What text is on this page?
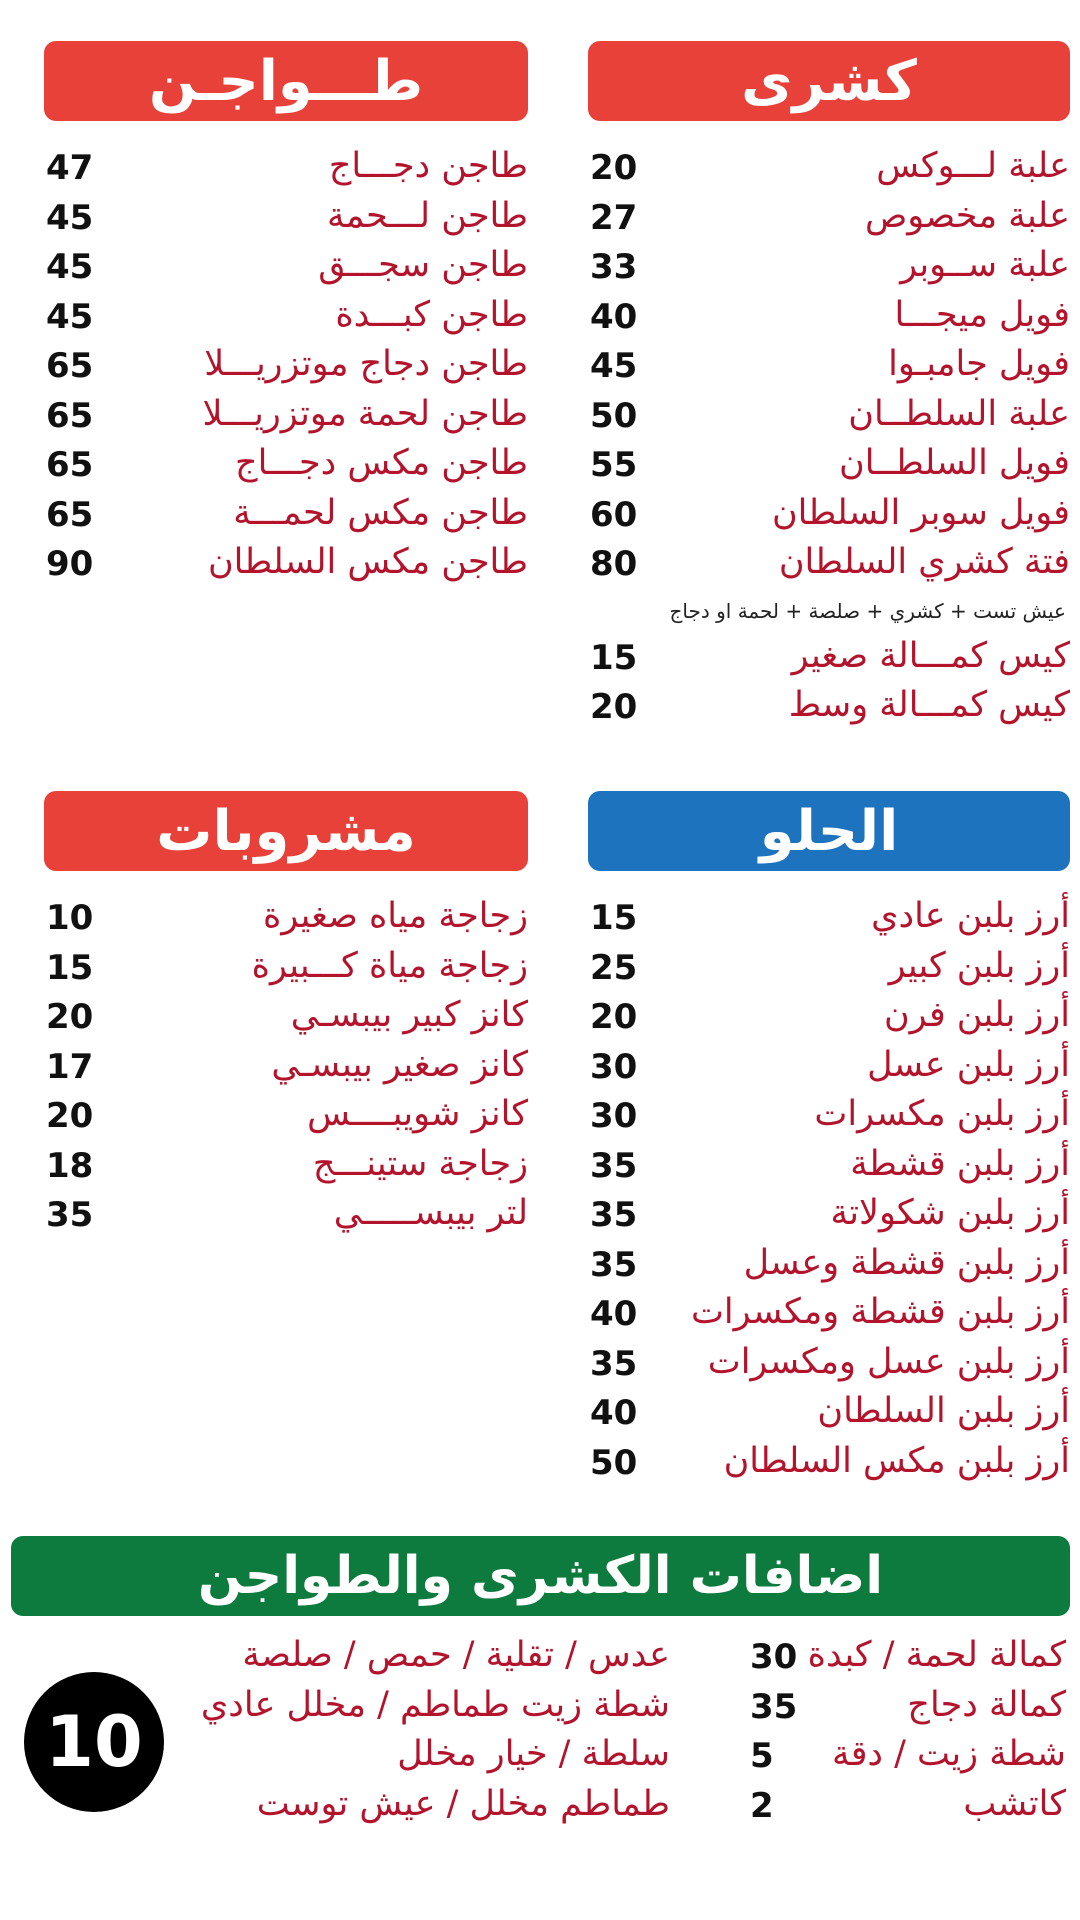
كشرى
علبة لـــوكس
20
علبة مخصوص
27
علبة ســوبر
33
فويل ميجـــا
40
فويل جامبـوا
45
علبة السلطــان
50
فويل السلطــان
55
فويل سوبر السلطان
60
فتة كشري السلطان
80
عيش تست + كشري + صلصة + لحمة او دجاج
كيس كمـــالة صغير
15
كيس كمـــالة وسط
20
طـــواجـن
طاجن دجـــاج
47
طاجن لـــحمة
45
طاجن سجـــق
45
طاجن كبـــدة
45
طاجن دجاج موتزريـــلا
65
طاجن لحمة موتزريـــلا
65
طاجن مكس دجـــاج
65
طاجن مكس لحمـــة
65
طاجن مكس السلطان
90
الحلو
أرز بلبن عادي
15
أرز بلبن كبير
25
أرز بلبن فرن
20
أرز بلبن عسل
30
أرز بلبن مكسرات
30
أرز بلبن قشطة
35
أرز بلبن شكولاتة
35
أرز بلبن قشطة وعسل
35
أرز بلبن قشطة ومكسرات
40
أرز بلبن عسل ومكسرات
35
أرز بلبن السلطان
40
أرز بلبن مكس السلطان
50
مشروبات
زجاجة مياه صغيرة
10
زجاجة مياة كـــبيرة
15
كانز كبير بيبسـي
20
كانز صغير بيبسـي
17
كانز شويبــــس
20
زجاجة ستينـــج
18
لتر بيبســـــي
35
اضافات الكشرى والطواجن
كمالة لحمة / كبدة
30
كمالة دجاج
35
شطة زيت / دقة
5
كاتشب
2
عدس / تقلية / حمص / صلصة
شطة زيت طماطم / مخلل عادي
سلطة / خيار مخلل
طماطم مخلل / عيش توست
10
